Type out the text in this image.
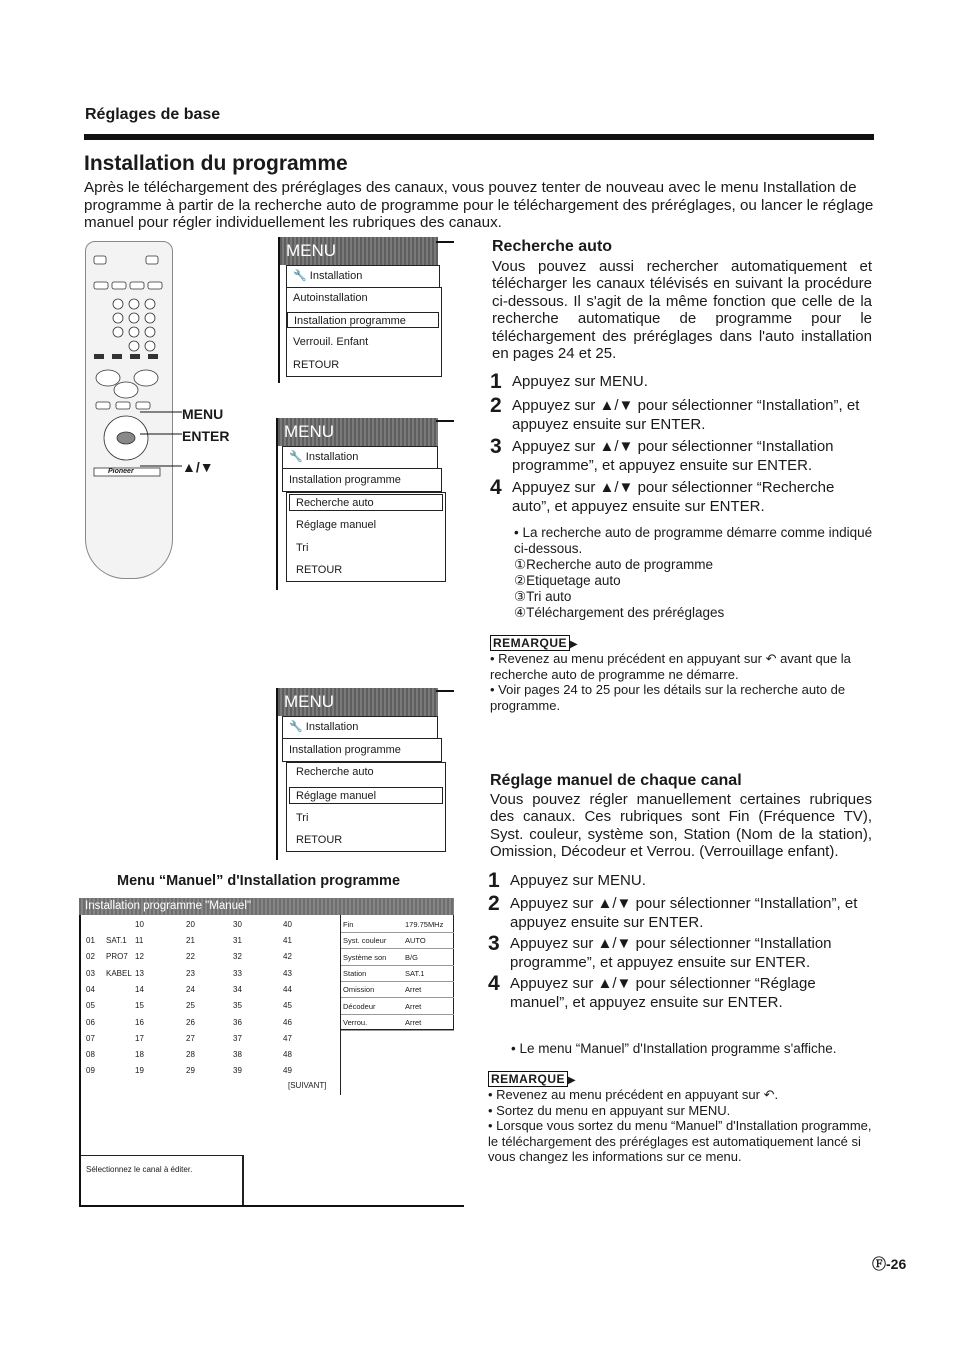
Réglages de base
Installation du programme
Après le téléchargement des préréglages des canaux, vous pouvez tenter de nouveau avec le menu Installation de programme à partir de la recherche auto de programme pour le téléchargement des préréglages, ou lancer le réglage manuel pour régler individuellement les rubriques des canaux.
Pioneer
MENU
ENTER
▲/▼
MENU
🔧 Installation
Autoinstallation
Installation programme
Verrouil. Enfant
RETOUR
MENU
🔧 Installation
Installation programme
Recherche auto
Réglage manuel
Tri
RETOUR
MENU
🔧 Installation
Installation programme
Recherche auto
Réglage manuel
Tri
RETOUR
Recherche auto
Vous pouvez aussi rechercher automatiquement et télécharger les canaux télévisés en suivant la procédure ci-dessous. Il s'agit de la même fonction que celle de la recherche automatique de programme pour le téléchargement des préréglages dans l'auto installation en pages 24 et 25.
1 Appuyez sur MENU.
2 Appuyez sur ▲/▼ pour sélectionner “Installation”, et appuyez ensuite sur ENTER.
3 Appuyez sur ▲/▼ pour sélectionner “Installation programme”, et appuyez ensuite sur ENTER.
4 Appuyez sur ▲/▼ pour sélectionner “Recherche auto”, et appuyez ensuite sur ENTER.
• La recherche auto de programme démarre comme indiqué ci-dessous.
①Recherche auto de programme
②Etiquetage auto
③Tri auto
④Téléchargement des préréglages
REMARQUE ▶
• Revenez au menu précédent en appuyant sur ↶ avant que la recherche auto de programme ne démarre.
• Voir pages 24 to 25 pour les détails sur la recherche auto de programme.
Réglage manuel de chaque canal
Vous pouvez régler manuellement certaines rubriques des canaux. Ces rubriques sont Fin (Fréquence TV), Syst. couleur, système son, Station (Nom de la station), Omission, Décodeur et Verrou. (Verrouillage enfant).
1 Appuyez sur MENU.
2 Appuyez sur ▲/▼ pour sélectionner “Installation”, et appuyez ensuite sur ENTER.
3 Appuyez sur ▲/▼ pour sélectionner “Installation programme”, et appuyez ensuite sur ENTER.
4 Appuyez sur ▲/▼ pour sélectionner “Réglage manuel”, et appuyez ensuite sur ENTER.
• Le menu “Manuel” d'Installation programme s'affiche.
REMARQUE ▶
• Revenez au menu précédent en appuyant sur ↶.
• Sortez du menu en appuyant sur MENU.
• Lorsque vous sortez du menu “Manuel” d'Installation programme, le téléchargement des préréglages est automatiquement lancé si vous changez les informations sur ce menu.
Menu “Manuel” d'Installation programme
Installation programme "Manuel"
10	20	30	40
01 SAT.1 11	21	31	41
02 PRO7 12	22	32	42
03 KABEL 13	23	33	43
04	14	24	34	44
05	15	25	35	45
06	16	26	36	46
07	17	27	37	47
08	18	28	38	48
09	19	29	39	49
Fin	179.75MHz
Syst. couleur AUTO
Système son B/G
Station	SAT.1
Omission	Arret
Décodeur	Arret
Verrou.	Arret
[SUIVANT]
Sélectionnez le canal à éditer.
Ⓕ-26
